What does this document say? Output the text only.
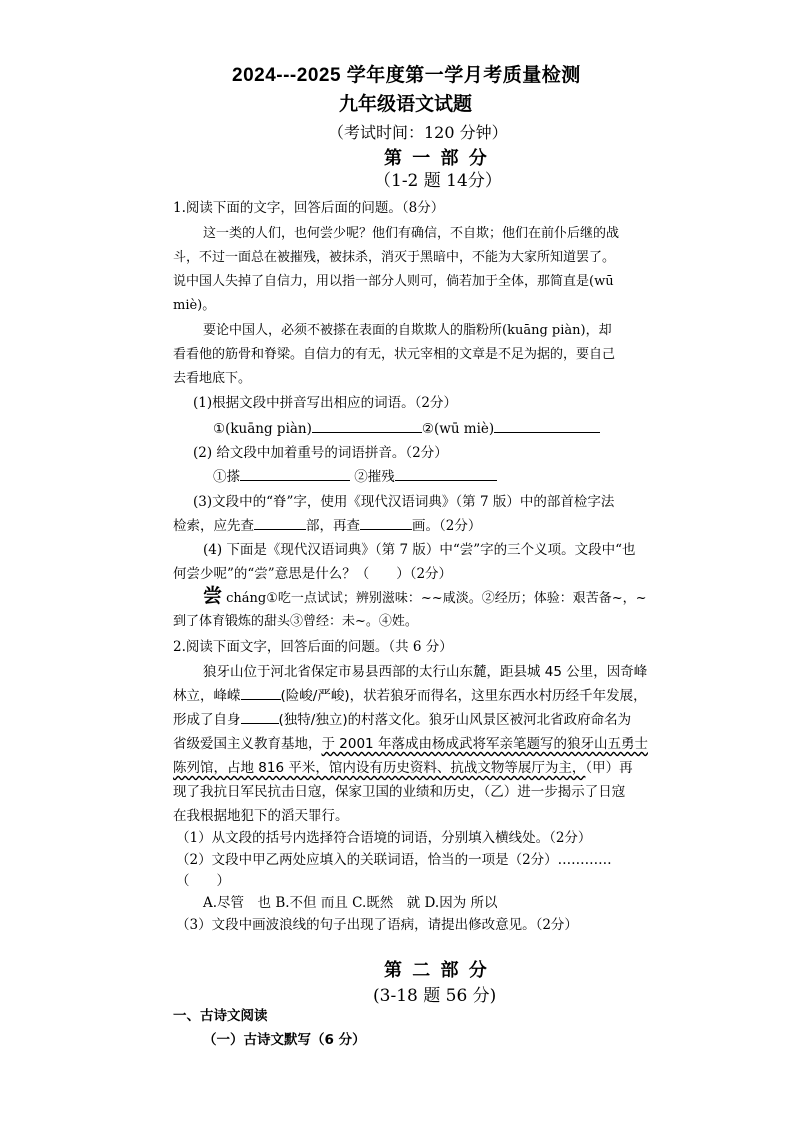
2024---2025 学年度第一学月考质量检测
九年级语文试题
（考试时间：120 分钟）
第 一 部 分
（1-2 题 14分）
1.阅读下面的文字，回答后面的问题。（8分）
这一类的人们，也何尝少呢？他们有确信，不自欺；他们在前仆后继的战
斗，不过一面总在被摧残，被抹杀，消灭于黑暗中，不能为大家所知道罢了。
说中国人失掉了自信力，用以指一部分人则可，倘若加于全体，那简直是(wū
miè)。
要论中国人，必须不被搽在表面的自欺欺人的脂粉所(kuāng piàn)，却
看看他的筋骨和脊梁。自信力的有无，状元宰相的文章是不足为据的，要自己
去看地底下。
(1)根据文段中拼音写出相应的词语。（2分）
①(kuāng piàn)	②(wū miè)
(2) 给文段中加着重号的词语拼音。（2分）
①搽	②摧残
(3)文段中的“脊”字，使用《现代汉语词典》（第 7 版）中的部首检字法
检索，应先查	部，再查	画。（2分）
(4) 下面是《现代汉语词典》（第 7 版）中“尝”字的三个义项。文段中“也
何尝少呢”的“尝”意思是什么？（　　）（2分）
尝 cháng①吃一点试试；辨别滋味：~~咸淡。②经历；体验：艰苦备~，~
到了体育锻炼的甜头③曾经：未~。④姓。
2.阅读下面文字，回答后面的问题。（共 6 分）
狼牙山位于河北省保定市易县西部的太行山东麓，距县城 45 公里，因奇峰
林立，峰嵘	(险峻/严峻)，状若狼牙而得名，这里东西水村历经千年发展，
形成了自身	(独特/独立)的村落文化。狼牙山风景区被河北省政府命名为
省级爱国主义教育基地，于 2001 年落成由杨成武将军亲笔题写的狼牙山五勇士
陈列馆，占地 816 平米，馆内设有历史资料、抗战文物等展厅为主，（甲）再
现了我抗日军民抗击日寇，保家卫国的业绩和历史，（乙）进一步揭示了日寇
在我根据地犯下的滔天罪行。
（1）从文段的括号内选择符合语境的词语，分别填入横线处。（2分）
（2）文段中甲乙两处应填入的关联词语，恰当的一项是（2分）…………
（　　）
A.尽管　也 B.不但 而且 C.既然　就 D.因为 所以
（3）文段中画波浪线的句子出现了语病，请提出修改意见。（2分）
第 二 部 分
(3-18 题 56 分)
一、古诗文阅读
（一）古诗文默写（6 分）
